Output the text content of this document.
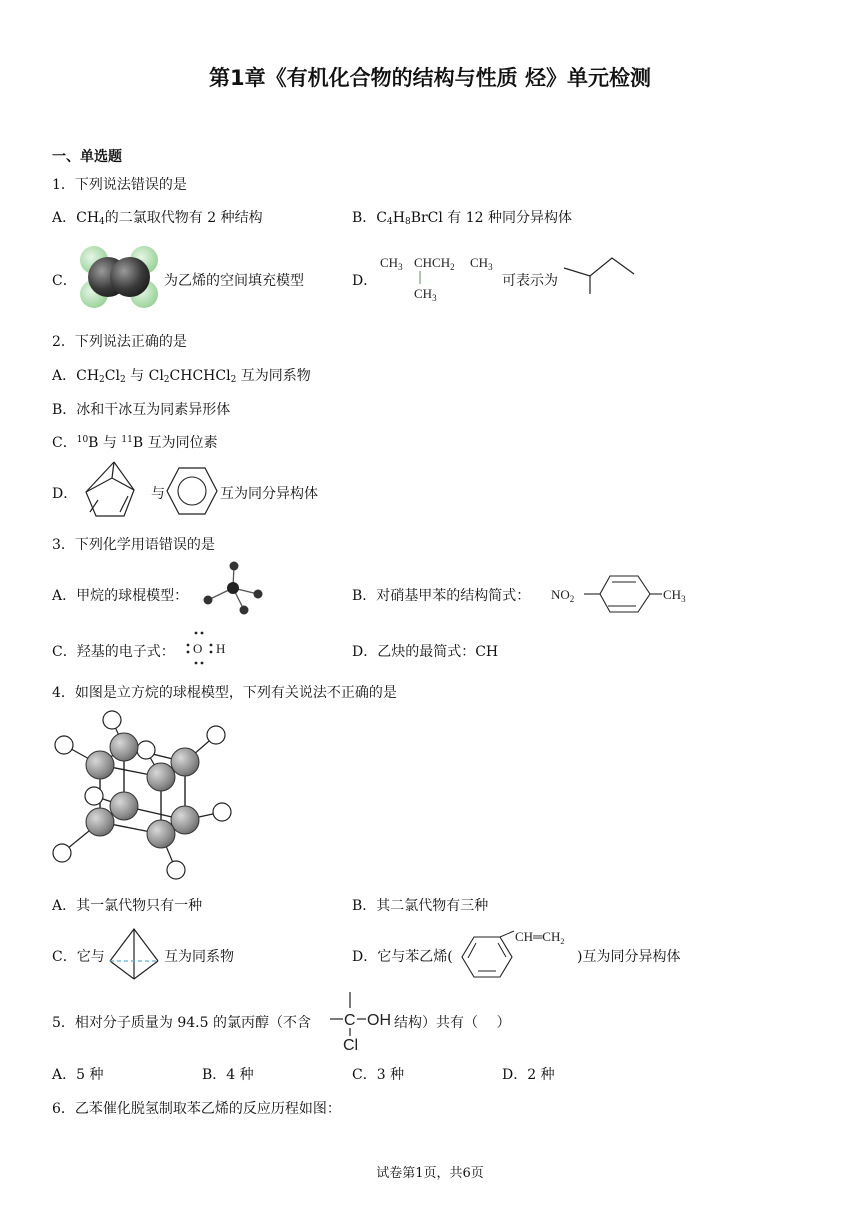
第1章《有机化合物的结构与性质 烃》单元检测
一、单选题
1．下列说法错误的是
A．$CH_4$的二氯取代物有 2 种结构	B．$C_4H_8BrCl$ 有 12 种同分异构体
C．	为乙烯的空间填充模型	D．
$CH_3$ $CHCH_2$ $CH_3$
$CH_3$
可表示为
2．下列说法正确的是
A．$CH_2Cl_2$ 与 $Cl_2CHCHCl_2$ 互为同系物
B．冰和干冰互为同素异形体
C．$^{10}$B 与 $^{11}$B 互为同位素
D．	与	互为同分异构体
3．下列化学用语错误的是
A．甲烷的球棍模型：	B．对硝基甲苯的结构简式： $NO_2$	$CH_3$
C．羟基的电子式： O H	D．乙炔的最简式：CH
4．如图是立方烷的球棍模型，下列有关说法不正确的是
A．其一氯代物只有一种	B．其二氯代物有三种
C．它与	互为同系物	D．它与苯乙烯(
$CH═CH_2$
)互为同分异构体
5．相对分子质量为 94.5 的氯丙醇（不含 C OH
Cl
结构）共有（　 ）
A．5 种	B．4 种	C．3 种	D．2 种
6．乙苯催化脱氢制取苯乙烯的反应历程如图：
试卷第1页，共6页
